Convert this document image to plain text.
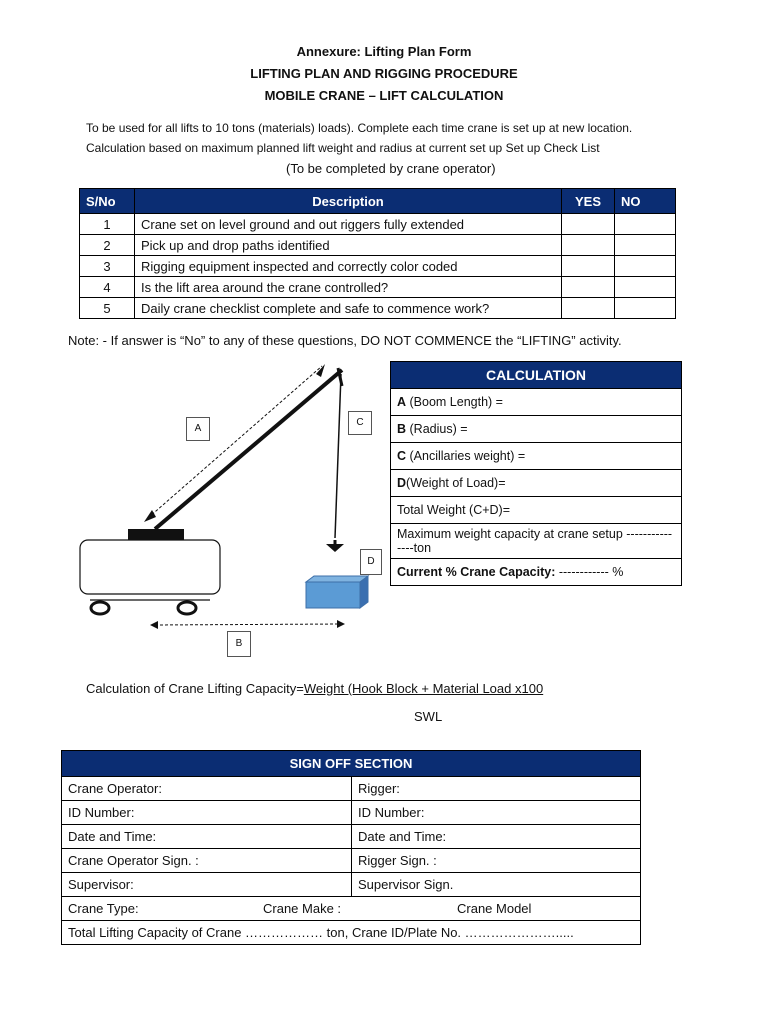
Annexure: Lifting Plan Form
LIFTING PLAN AND RIGGING PROCEDURE
MOBILE CRANE – LIFT CALCULATION
To be used for all lifts to 10 tons (materials) loads). Complete each time crane is set up at new location.
Calculation based on maximum planned lift weight and radius at current set up Set up Check List
(To be completed by crane operator)
S/No	Description	YES	NO
1	Crane set on level ground and out riggers fully extended		
2	Pick up and drop paths identified		
3	Rigging equipment inspected and correctly color coded		
4	Is the lift area around the crane controlled?		
5	Daily crane checklist complete and safe to commence work?		
Note: - If answer is “No” to any of these questions, DO NOT COMMENCE the “LIFTING” activity.
A
C
D
B
CALCULATION
A (Boom Length) =
B (Radius) =
C (Ancillaries weight) =
D(Weight of Load)=
Total Weight (C+D)=
Maximum weight capacity at crane setup ---------------ton
Current % Crane Capacity: ------------ %
Calculation of Crane Lifting Capacity=Weight (Hook Block + Material Load x100
SWL
SIGN OFF SECTION	
Crane Operator:	Rigger:
ID Number:	ID Number:
Date and Time:	Date and Time:
Crane Operator Sign. :	Rigger Sign. :
Supervisor:	Supervisor Sign.
Crane Type: Crane Make : Crane Model	

Total Lifting Capacity of Crane ……………… ton, Crane ID/Plate No. ………………….....	
